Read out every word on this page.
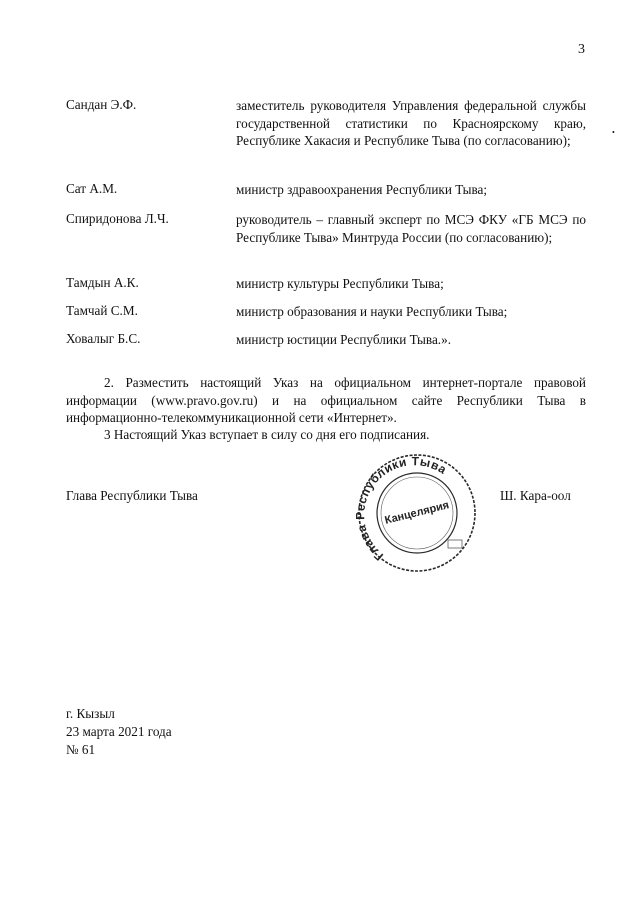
3
Сандан Э.Ф.	заместитель руководителя Управления федеральной службы государственной статистики по Красноярскому краю, Республике Хакасия и Республике Тыва (по согласованию);
Сат А.М.	министр здравоохранения Республики Тыва;
Спиридонова Л.Ч.	руководитель – главный эксперт по МСЭ ФКУ «ГБ МСЭ по Республике Тыва» Минтруда России (по согласованию);
Тамдын А.К.	министр культуры Республики Тыва;
Тамчай С.М.	министр образования и науки Республики Тыва;
Ховалыг Б.С.	министр юстиции Республики Тыва.».
2. Разместить настоящий Указ на официальном интернет-портале правовой информации (www.pravo.gov.ru) и на официальном сайте Республики Тыва в информационно-телекоммуникационной сети «Интернет».
3 Настоящий Указ вступает в силу со дня его подписания.
Глава Республики Тыва	Ш. Кара-оол
Глав спублики Тыва
Канцелярия
г. Кызыл
23 марта 2021 года
№ 61
•
